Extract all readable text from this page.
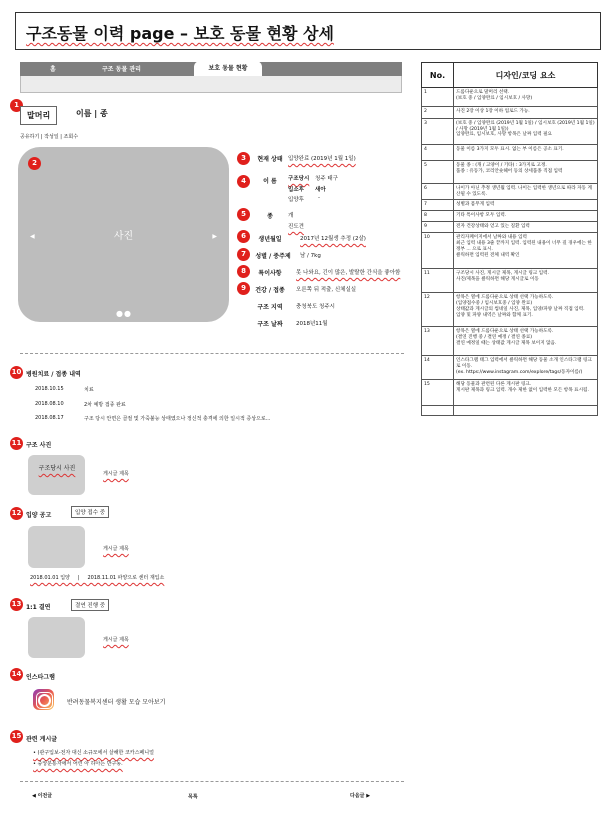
구조동물 이력 page – 보호 동물 현황 상세
홈	구조 동물 관리	보호 동물 현황
1
말머리	이름 | 종
공유하기 | 작성일 | 조회수
사진
◀	▶
●●
2
3	현재 상태 입양완료 (2019년 1월 1일)
4	이 름	구조당시 청주 태구
입소후 새아
입양후	-
5	종	개
진도견
6	생년월일	2017년 12월생 추정 (2살)
7	성별 / 중주제	남 / 7kg
8	특이사항	못 나와요, 긴이 많은, 발랄한 간식을 좋아함
9	건강 / 접종	오른쪽 뒤 적출, 신체실실
구조 지역	충청북도 청주시
구조 날짜	2018년11월
10 병원치료 / 접종 내역
2018.10.15	치료
2018.08.10	2차 예방 접종 완료
2018.08.17	구조 당시 안면은 골절 및 가죽불능 상태였으나 정신적 충격에 의한 일시적 증상으로...
11 구조 사진
구조당시 사진
게시글 제목
12 입양 공고	입양 접수 중
게시글 제목
2018.01.01 입양     |     2018.11.01 파양으로 센터 재입소
13 1:1 결연	결연 진행 중
게시글 제목
14 인스타그램
반려동물복지센터 생활 모습 모아보기
15 관련 게시글
• (관구입보-전자 대신 소규모에서 살해한 코카스페니얼
• 중앙분통자에서 어린 아 하아는 반구동.
◀ 이전글	목록	다음글 ▶
No.	디자인/코딩 요소
1	드롭다운으로 말머리 선택.
(보호 중 / 입양완료 / 임시보호 / 사망)
2	사진 2장 이상 1장 이하 업로드 가능.
3	(보호 중 / 입양완료 (2019년 1월 1일) / 임시보호 (2019년 1월 1일) / 사망 (2019년 1월 1일))
입양완료, 임시보호, 사망 항목은 날짜 입력 필요
4	동물 이름 3가지 모두 표시. 없는 부 이름은 공소 표기.
5	동물 종 : (개 / 고양이 / 기타) : 3가지로 고정.
품종 : 유동가, 코리안숏헤어 등의 상세품종 직접 입력
6	나이가 아닌 추정 생년월 입력. 나이는 입력한 생년으로 따라 자동 계산될 수 있도록.
7	성별과 몸무게 입력
8	기타 특이사항 모두 입력.
9	전자 건강상태와 얻고 있는 질환 입력
10	관리자페이지에서 날짜와 내용 입력
최근 입력 내용 3줄 끝까지 입력. 입력된 내용이 너무 길 경우에는 한정부 ... 으로 표시.
클릭하면 입력된 전체 내역 확인
11	구조당시 사진, 게시글 제목, 게시글 링크 입력.
사진/제목을 클릭하면 해당 게시글로 이동
12	항목은 열에 드롭다운으로 상태 선택 가능하도록.
(입양접수중 / 임시보호중 / 입양 완료)
상태값과 게시글의 썸네일 사진, 제목, 입양/파양 날짜 직접 입력.
입양 및 파양 내역은 날짜와 함께 표기.
13	항목은 열에 드롭다운으로 상태 선택 가능하도록.
(결연 진행 중 / 결연 예정 / 결연 종료)
결연 예정일 때는 상태값 게시글 제목 보이지 않음.
14	인스타그램 태그 입력에서 클릭하면 해당 동물 소개 인스타그램 링크로 이동.
(ex. https://www.instagram.com/explore/tags/동자이름/)
15	해당 동물과 관련된 다른 게시판 링크.
게시판 제목과 링크 입력. 개수 제한 없이 입력한 모든 항목 표시됨.
